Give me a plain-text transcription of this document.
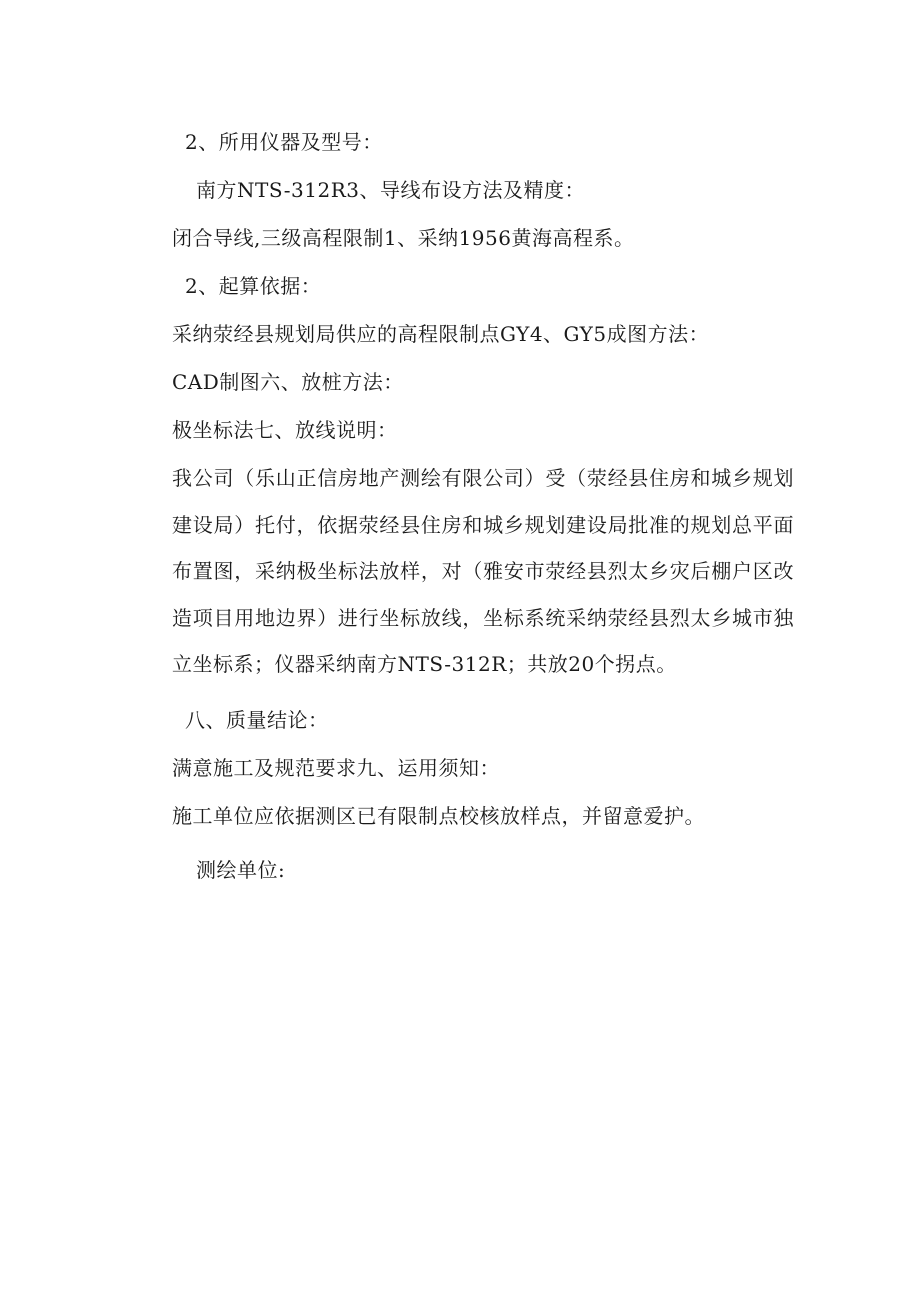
2、所用仪器及型号：
南方NTS-312R3、导线布设方法及精度：
闭合导线,三级高程限制1、采纳1956黄海高程系。
2、起算依据：
采纳荥经县规划局供应的高程限制点GY4、GY5成图方法：
CAD制图六、放桩方法：
极坐标法七、放线说明：
我公司（乐山正信房地产测绘有限公司）受（荥经县住房和城乡规划建设局）托付，依据荥经县住房和城乡规划建设局批准的规划总平面布置图，采纳极坐标法放样，对（雅安市荥经县烈太乡灾后棚户区改造项目用地边界）进行坐标放线，坐标系统采纳荥经县烈太乡城市独立坐标系；仪器采纳南方NTS-312R；共放20个拐点。
八、质量结论：
满意施工及规范要求九、运用须知：
施工单位应依据测区已有限制点校核放样点，并留意爱护。
测绘单位:
